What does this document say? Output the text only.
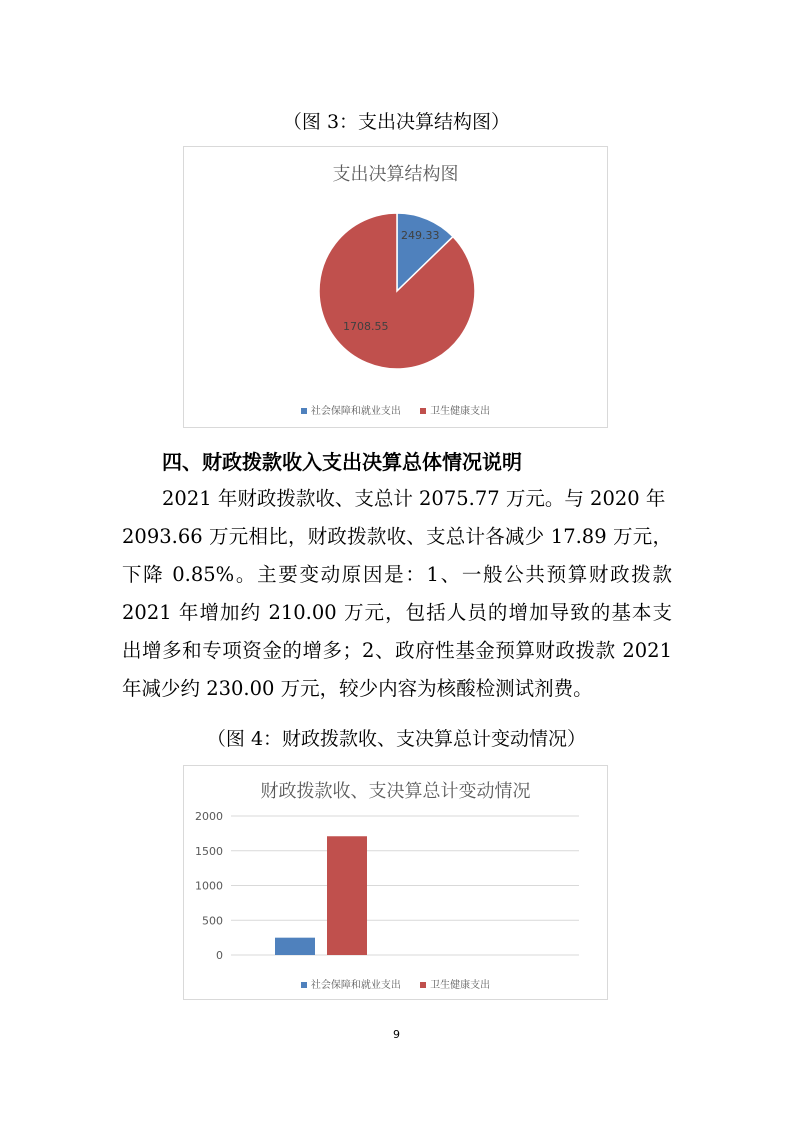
（图 3：支出决算结构图）
支出决算结构图
249.33
1708.55
社会保障和就业支出	卫生健康支出
四、财政拨款收入支出决算总体情况说明
2021 年财政拨款收、支总计 2075.77 万元。与 2020 年
2093.66 万元相比，财政拨款收、支总计各减少 17.89 万元，
下降 0.85%。主要变动原因是：1、一般公共预算财政拨款
2021 年增加约 210.00 万元，包括人员的增加导致的基本支
出增多和专项资金的增多；2、政府性基金预算财政拨款 2021
年减少约 230.00 万元，较少内容为核酸检测试剂费。
（图 4：财政拨款收、支决算总计变动情况）
财政拨款收、支决算总计变动情况
0
500
1000
1500
2000
社会保障和就业支出	卫生健康支出
9
